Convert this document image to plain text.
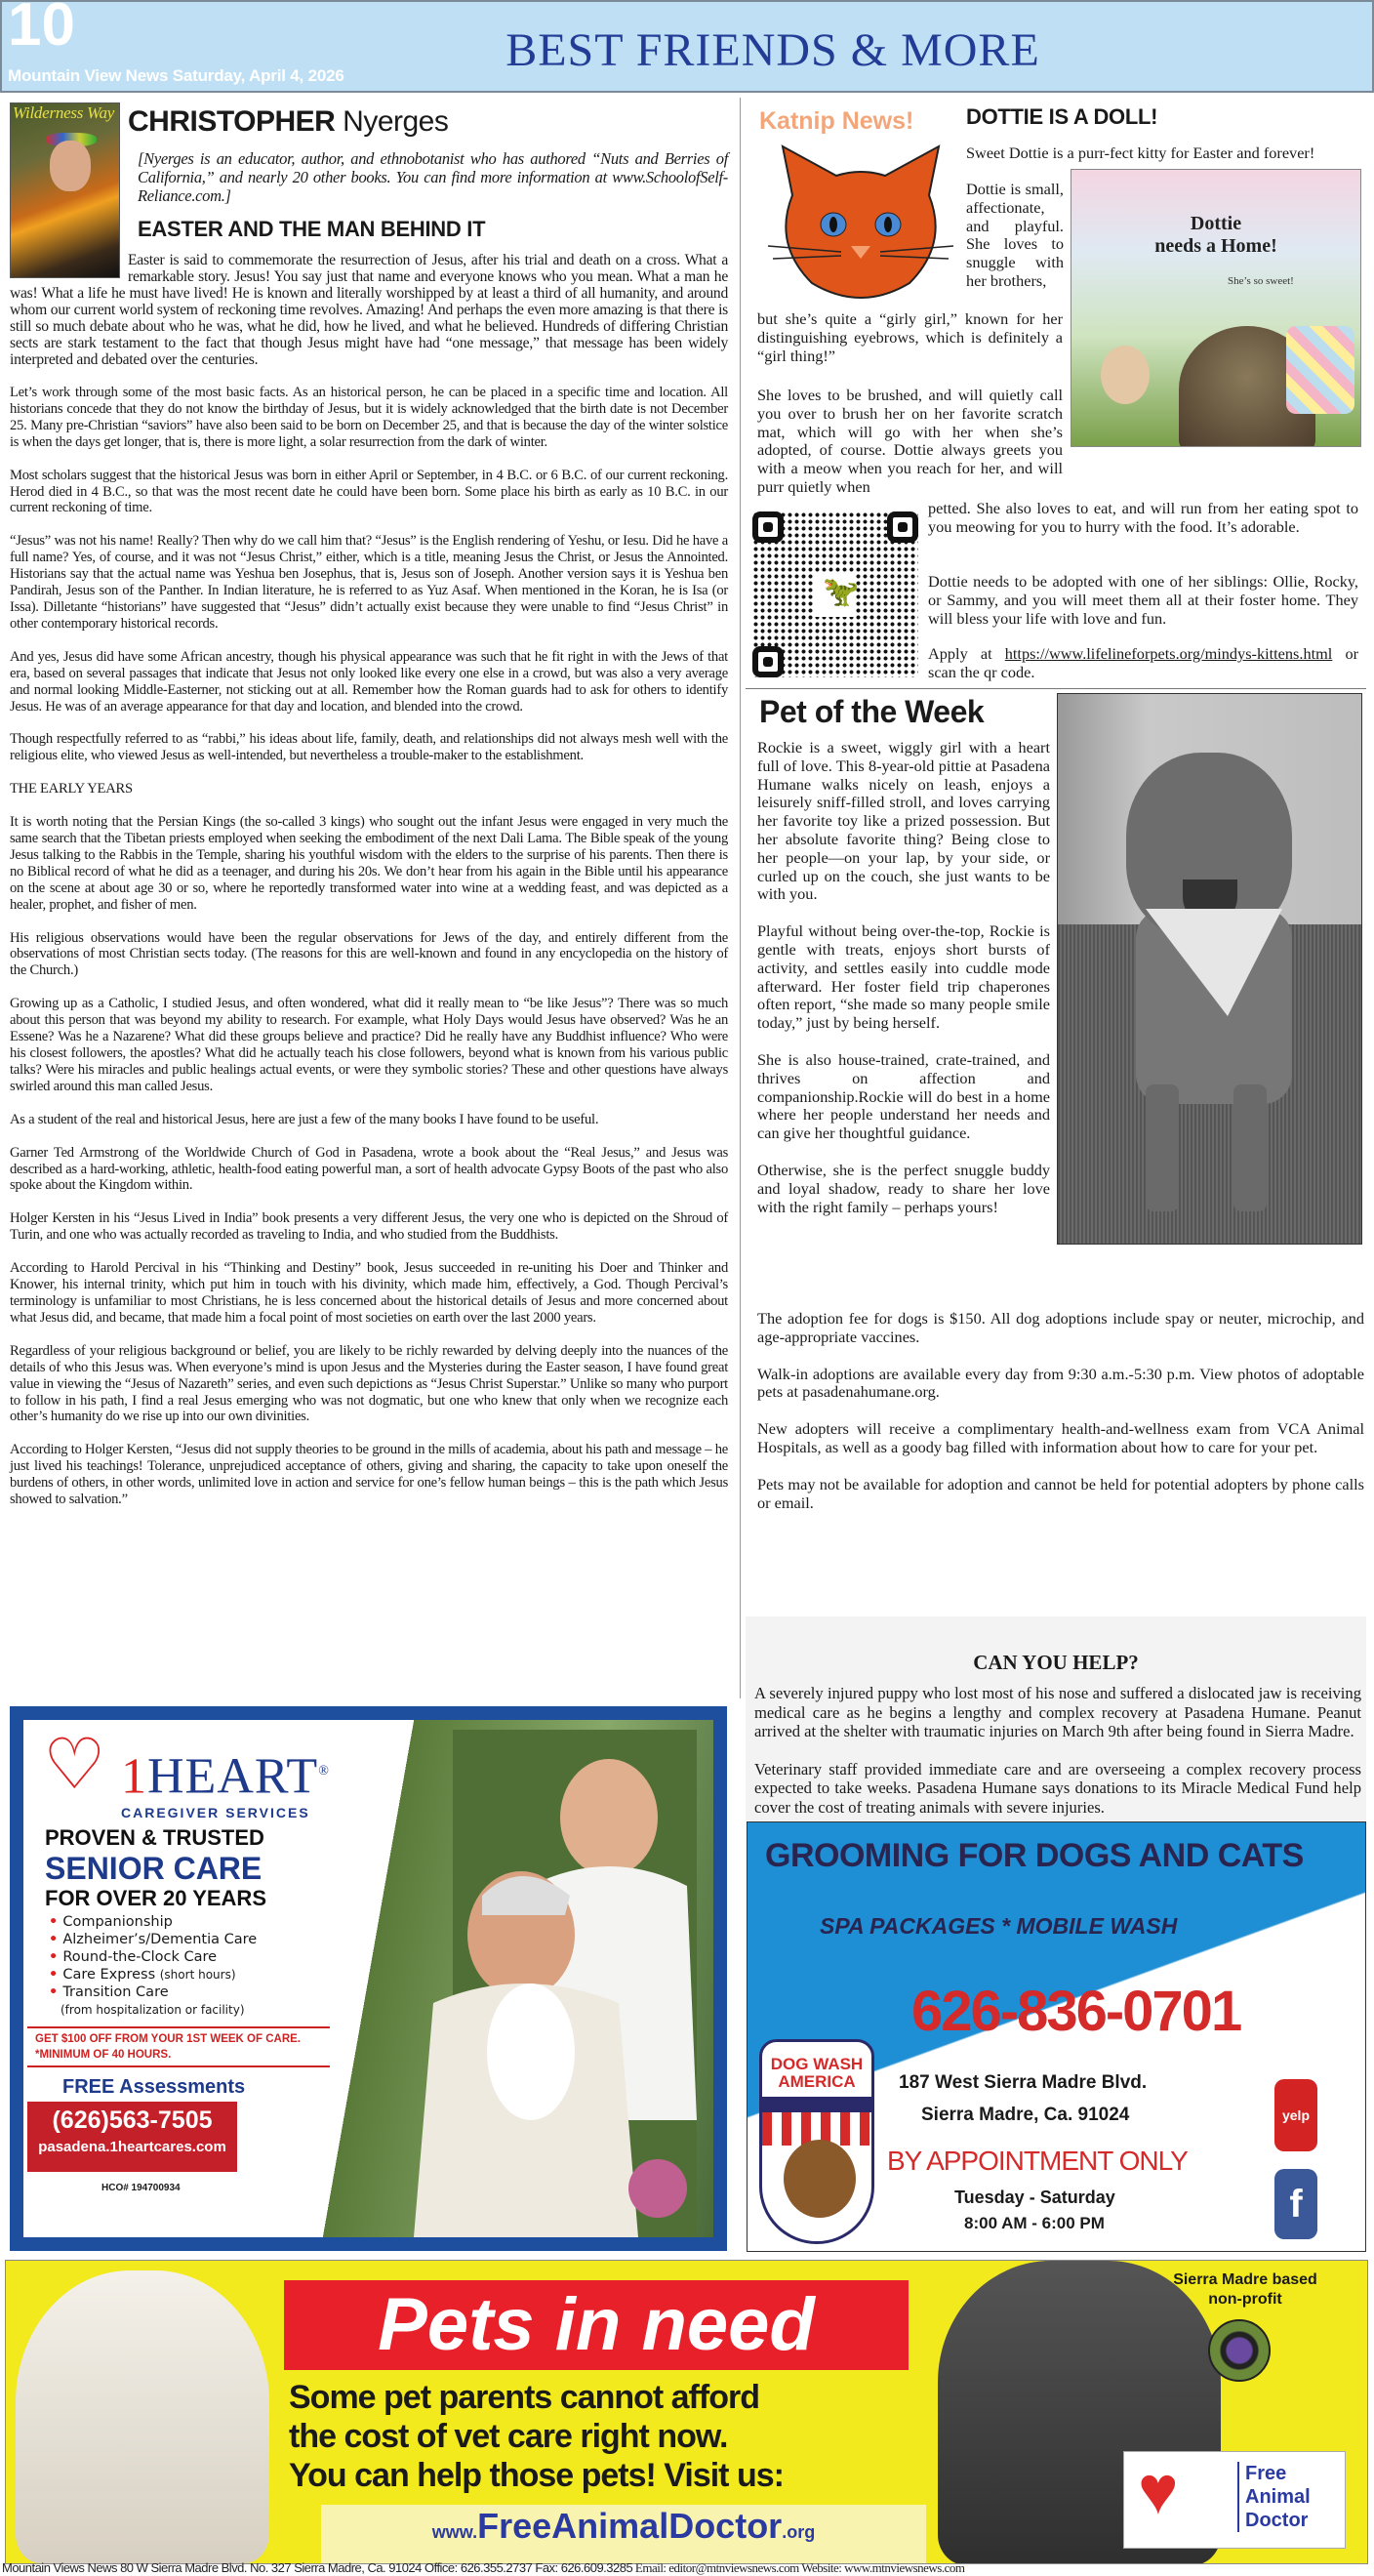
10	BEST FRIENDS & MORE
Mountain View News Saturday, April 4, 2026
Wilderness Way CHRISTOPHER Nyerges
[Nyerges is an educator, author, and ethnobotanist who has authored “Nuts and Berries of California,” and nearly 20 other books. You can find more information at www.SchoolofSelf-Reliance.com.]
EASTER AND THE MAN BEHIND IT

Easter is said to commemorate the resurrection of Jesus, after his trial and death on a cross. What a remarkable story. Jesus! You say just that name and everyone knows who you mean. What a man he was! What a life he must have lived! He is known and literally worshipped by at least a third of all humanity, and around whom our current world system of reckoning time revolves. Amazing! And perhaps the even more amazing is that there is still so much debate about who he was, what he did, how he lived, and what he believed. Hundreds of differing Christian sects are stark testament to the fact that though Jesus might have had “one message,” that message has been widely interpreted and debated over the centuries.

Let’s work through some of the most basic facts. As an historical person, he can be placed in a specific time and location. All historians concede that they do not know the birthday of Jesus, but it is widely acknowledged that the birth date is not December 25. Many pre-Christian “saviors” have also been said to be born on December 25, and that is because the day of the winter solstice is when the days get longer, that is, there is more light, a solar resurrection from the dark of winter.

Most scholars suggest that the historical Jesus was born in either April or September, in 4 B.C. or 6 B.C. of our current reckoning. Herod died in 4 B.C., so that was the most recent date he could have been born. Some place his birth as early as 10 B.C. in our current reckoning of time.

“Jesus” was not his name! Really? Then why do we call him that? “Jesus” is the English rendering of Yeshu, or Iesu. Did he have a full name? Yes, of course, and it was not “Jesus Christ,” either, which is a title, meaning Jesus the Christ, or Jesus the Annointed. Historians say that the actual name was Yeshua ben Josephus, that is, Jesus son of Joseph. Another version says it is Yeshua ben Pandirah, Jesus son of the Panther. In Indian literature, he is referred to as Yuz Asaf. When mentioned in the Koran, he is Isa (or Issa). Dilletante “historians” have suggested that “Jesus” didn’t actually exist because they were unable to find “Jesus Christ” in other contemporary historical records.

And yes, Jesus did have some African ancestry, though his physical appearance was such that he fit right in with the Jews of that era, based on several passages that indicate that Jesus not only looked like every one else in a crowd, but was also a very average and normal looking Middle-Easterner, not sticking out at all. Remember how the Roman guards had to ask for others to identify Jesus. He was of an average appearance for that day and location, and blended into the crowd.

Though respectfully referred to as “rabbi,” his ideas about life, family, death, and relationships did not always mesh well with the religious elite, who viewed Jesus as well-intended, but nevertheless a trouble-maker to the establishment.

THE EARLY YEARS

It is worth noting that the Persian Kings (the so-called 3 kings) who sought out the infant Jesus were engaged in very much the same search that the Tibetan priests employed when seeking the embodiment of the next Dali Lama. The Bible speak of the young Jesus talking to the Rabbis in the Temple, sharing his youthful wisdom with the elders to the surprise of his parents. Then there is no Biblical record of what he did as a teenager, and during his 20s. We don’t hear from his again in the Bible until his appearance on the scene at about age 30 or so, where he reportedly transformed water into wine at a wedding feast, and was depicted as a healer, prophet, and fisher of men.

His religious observations would have been the regular observations for Jews of the day, and entirely different from the observations of most Christian sects today. (The reasons for this are well-known and found in any encyclopedia on the history of the Church.)

Growing up as a Catholic, I studied Jesus, and often wondered, what did it really mean to “be like Jesus”? There was so much about this person that was beyond my ability to research. For example, what Holy Days would Jesus have observed? Was he an Essene? Was he a Nazarene? What did these groups believe and practice? Did he really have any Buddhist influence? Who were his closest followers, the apostles? What did he actually teach his close followers, beyond what is known from his various public talks? Were his miracles and public healings actual events, or were they symbolic stories? These and other questions have always swirled around this man called Jesus.

As a student of the real and historical Jesus, here are just a few of the many books I have found to be useful.

Garner Ted Armstrong of the Worldwide Church of God in Pasadena, wrote a book about the “Real Jesus,” and Jesus was described as a hard-working, athletic, health-food eating powerful man, a sort of health advocate Gypsy Boots of the past who also spoke about the Kingdom within.

Holger Kersten in his “Jesus Lived in India” book presents a very different Jesus, the very one who is depicted on the Shroud of Turin, and one who was actually recorded as traveling to India, and who studied from the Buddhists.

According to Harold Percival in his “Thinking and Destiny” book, Jesus succeeded in re-uniting his Doer and Thinker and Knower, his internal trinity, which put him in touch with his divinity, which made him, effectively, a God. Though Percival’s terminology is unfamiliar to most Christians, he is less concerned about the historical details of Jesus and more concerned about what Jesus did, and became, that made him a focal point of most societies on earth over the last 2000 years.

Regardless of your religious background or belief, you are likely to be richly rewarded by delving deeply into the nuances of the details of who this Jesus was. When everyone’s mind is upon Jesus and the Mysteries during the Easter season, I have found great value in viewing the “Jesus of Nazareth” series, and even such depictions as “Jesus Christ Superstar.” Unlike so many who purport to follow in his path, I find a real Jesus emerging who was not dogmatic, but one who knew that only when we recognize each other’s humanity do we rise up into our own divinities.

According to Holger Kersten, “Jesus did not supply theories to be ground in the mills of academia, about his path and message – he just lived his teachings! Tolerance, unprejudiced acceptance of others, giving and sharing, the capacity to take upon oneself the burdens of others, in other words, unlimited love in action and service for one’s fellow human beings – this is the path which Jesus showed to salvation.”

Katnip News! DOTTIE IS A DOLL!
Sweet Dottie is a purr-fect kitty for Easter and forever!
Dottie
needs a Home!
She’s so sweet!
Dottie is small, affectionate, and playful. She loves to snuggle with her brothers,
but she’s quite a “girly girl,” known for her distinguishing eyebrows, which is definitely a “girl thing!”
She loves to be brushed, and will quietly call you over to brush her on her favorite scratch mat, which will go with her when she’s adopted, of course. Dottie always greets you with a meow when you reach for her, and will purr quietly when
petted. She also loves to eat, and will run from her eating spot to you meowing for you to hurry with the food. It’s adorable.
Dottie needs to be adopted with one of her siblings: Ollie, Rocky, or Sammy, and you will meet them all at their foster home. They will bless your life with love and fun.
Apply at https://www.lifelineforpets.org/mindys-kittens.html or scan the qr code.
🦖
Pet of the Week

Rockie is a sweet, wiggly girl with a heart full of love. This 8-year-old pittie at Pasadena Humane walks nicely on leash, enjoys a leisurely sniff-filled stroll, and loves carrying her favorite toy like a prized possession. But her absolute favorite thing? Being close to her people—on your lap, by your side, or curled up on the couch, she just wants to be with you.

Playful without being over-the-top, Rockie is gentle with treats, enjoys short bursts of activity, and settles easily into cuddle mode afterward. Her foster field trip chaperones often report, “she made so many people smile today,” just by being herself.

She is also house-trained, crate-trained, and thrives on affection and companionship.Rockie will do best in a home where her people understand her needs and can give her thoughtful guidance.

Otherwise, she is the perfect snuggle buddy and loyal shadow, ready to share her love with the right family – perhaps yours!

The adoption fee for dogs is $150. All dog adoptions include spay or neuter, microchip, and age-appropriate vaccines.

Walk-in adoptions are available every day from 9:30 a.m.-5:30 p.m. View photos of adoptable pets at pasadenahumane.org.

New adopters will receive a complimentary health-and-wellness exam from VCA Animal Hospitals, as well as a goody bag filled with information about how to care for your pet.

Pets may not be available for adoption and cannot be held for potential adopters by phone calls or email.

CAN YOU HELP?

A severely injured puppy who lost most of his nose and suffered a dislocated jaw is receiving medical care as he begins a lengthy and complex recovery at Pasadena Humane. Peanut arrived at the shelter with traumatic injuries on March 9th after being found in Sierra Madre.

Veterinary staff provided immediate care and are overseeing a complex recovery process expected to take weeks. Pasadena Humane says donations to its Miracle Medical Fund help cover the cost of treating animals with severe injuries.

♡ 1HEART®
CAREGIVER SERVICES
PROVEN & TRUSTED
SENIOR CARE
FOR OVER 20 YEARS
• Companionship
• Alzheimer’s/Dementia Care
• Round-the-Clock Care
• Care Express (short hours)
• Transition Care
(from hospitalization or facility)
GET $100 OFF FROM YOUR 1ST WEEK OF CARE.
*MINIMUM OF 40 HOURS.
FREE Assessments
(626)563-7505
pasadena.1heartcares.com
HCO# 194700934
GROOMING FOR DOGS AND CATS
SPA PACKAGES * MOBILE WASH
626-836-0701
DOG WASH AMERICA	187 West Sierra Madre Blvd.
Sierra Madre, Ca. 91024
BY APPOINTMENT ONLY
Tuesday - Saturday
8:00 AM - 6:00 PM
yelp
f
Pets in need
Some pet parents cannot afford
the cost of vet care right now.
You can help those pets! Visit us:
www.FreeAnimalDoctor.org
Sierra Madre based non-profit
♥	Free
Animal
Doctor
Mountain Views News 80 W Sierra Madre Blvd. No. 327 Sierra Madre, Ca. 91024 Office: 626.355.2737 Fax: 626.609.3285 Email: editor@mtnviewsnews.com Website: www.mtnviewsnews.com
